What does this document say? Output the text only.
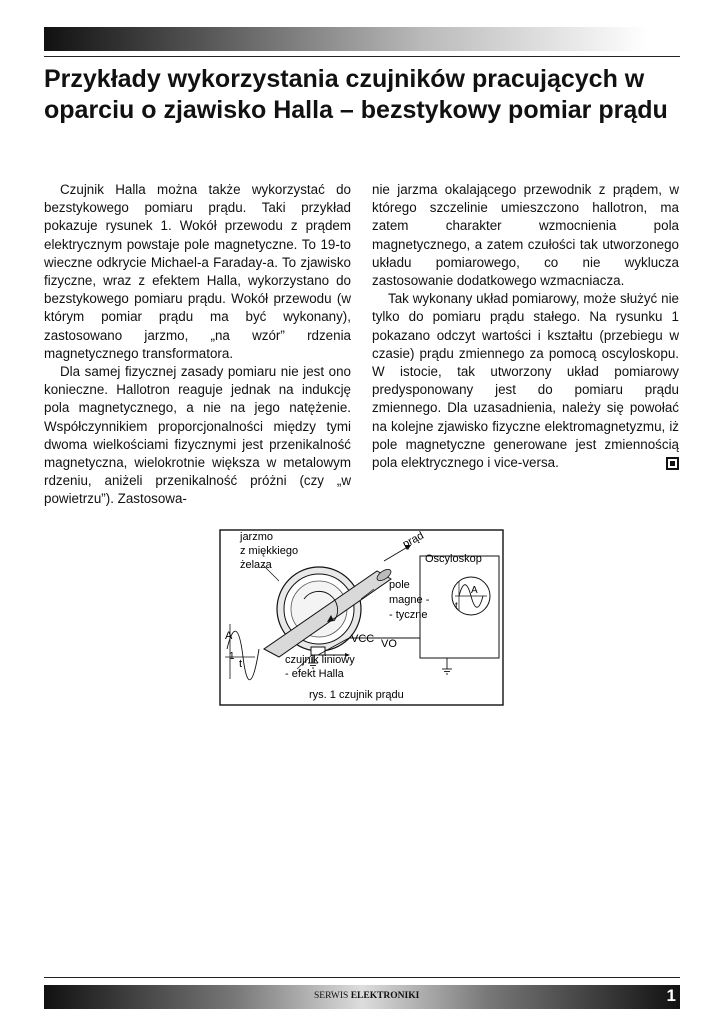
Przykłady wykorzystania czujników pracujących w oparciu o zjawisko Halla – bezstykowy pomiar prądu

Czujnik Halla można także wykorzystać do bezstykowego pomiaru prądu. Taki przykład pokazuje rysunek 1. Wokół przewodu z prądem elektrycznym powstaje pole magnetyczne. To 19-to wieczne odkrycie Michael-a Faraday-a. To zjawisko fizyczne, wraz z efektem Halla, wykorzystano do bezstykowego pomiaru prądu. Wokół przewodu (w którym pomiar prądu ma być wykonany), zastosowano jarzmo, „na wzór” rdzenia magnetycznego transformatora.

Dla samej fizycznej zasady pomiaru nie jest ono konieczne. Hallotron reaguje jednak na indukcję pola magnetycznego, a nie na jego natężenie. Współczynnikiem proporcjonalności między tymi dwoma wielkościami fizycznymi jest przenikalność magnetyczna, wielokrotnie większa w metalowym rdzeniu, aniżeli przenikalność próżni (czy „w powietrzu”). Zastosowa-

nie jarzma okalającego przewodnik z prądem, w którego szczelinie umieszczono hallotron, ma zatem charakter wzmocnienia pola magnetycznego, a zatem czułości tak utworzonego układu pomiarowego, co nie wyklucza zastosowanie dodatkowego wzmacniacza.

Tak wykonany układ pomiarowy, może służyć nie tylko do pomiaru prądu stałego. Na rysunku 1 pokazano odczyt wartości i kształtu (przebiegu w czasie) prądu zmiennego za pomocą oscyloskopu. W istocie, tak utworzony układ pomiarowy predysponowany jest do pomiaru prądu zmiennego. Dla uzasadnienia, należy się powołać na kolejne zjawisko fizyczne elektromagnetyzmu, iż pole magnetyczne generowane jest zmiennością pola elektrycznego i vice-versa.

jarzmo
z miękkiego
żelaza
prąd
Oscyloskop
pole
magne -
- tyczne
VCC VO
czujnik liniowy
- efekt Halla
A
1
t
A
t
rys. 1 czujnik prądu
SERWIS ELEKTRONIKI	1
